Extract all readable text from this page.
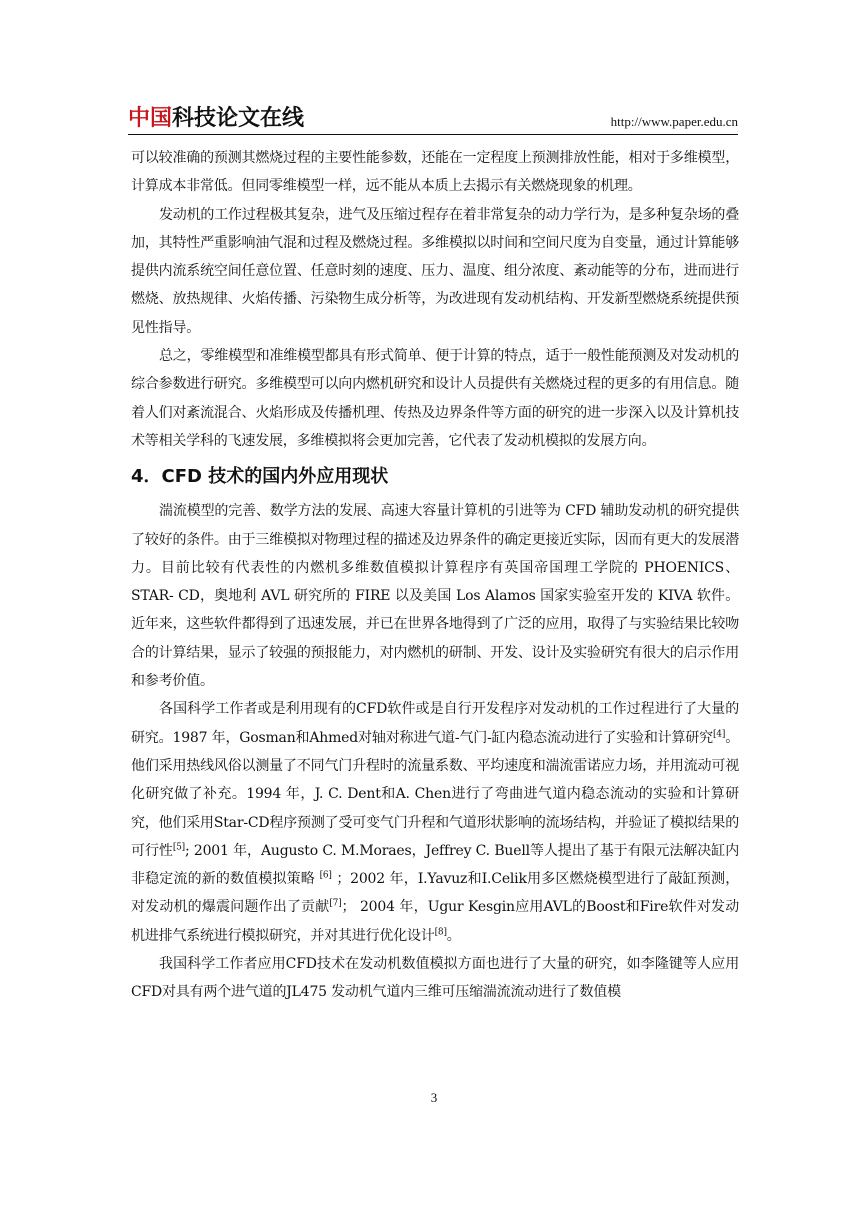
中国科技论文在线	http://www.paper.edu.cn

可以较准确的预测其燃烧过程的主要性能参数，还能在一定程度上预测排放性能，相对于多维模型，计算成本非常低。但同零维模型一样，远不能从本质上去揭示有关燃烧现象的机理。

发动机的工作过程极其复杂，进气及压缩过程存在着非常复杂的动力学行为，是多种复杂场的叠加，其特性严重影响油气混和过程及燃烧过程。多维模拟以时间和空间尺度为自变量，通过计算能够提供内流系统空间任意位置、任意时刻的速度、压力、温度、组分浓度、紊动能等的分布，进而进行燃烧、放热规律、火焰传播、污染物生成分析等，为改进现有发动机结构、开发新型燃烧系统提供预见性指导。

总之，零维模型和准维模型都具有形式简单、便于计算的特点，适于一般性能预测及对发动机的综合参数进行研究。多维模型可以向内燃机研究和设计人员提供有关燃烧过程的更多的有用信息。随着人们对紊流混合、火焰形成及传播机理、传热及边界条件等方面的研究的进一步深入以及计算机技术等相关学科的飞速发展，多维模拟将会更加完善，它代表了发动机模拟的发展方向。

4．CFD 技术的国内外应用现状

湍流模型的完善、数学方法的发展、高速大容量计算机的引进等为 CFD 辅助发动机的研究提供了较好的条件。由于三维模拟对物理过程的描述及边界条件的确定更接近实际，因而有更大的发展潜力。目前比较有代表性的内燃机多维数值模拟计算程序有英国帝国理工学院的 PHOENICS、STAR- CD，奥地利 AVL 研究所的 FIRE 以及美国 Los Alamos 国家实验室开发的 KIVA 软件。近年来，这些软件都得到了迅速发展，并已在世界各地得到了广泛的应用，取得了与实验结果比较吻合的计算结果，显示了较强的预报能力，对内燃机的研制、开发、设计及实验研究有很大的启示作用和参考价值。

各国科学工作者或是利用现有的CFD软件或是自行开发程序对发动机的工作过程进行了大量的研究。1987 年，Gosman和Ahmed对轴对称进气道-气门-缸内稳态流动进行了实验和计算研究[4]。他们采用热线风俗以测量了不同气门升程时的流量系数、平均速度和湍流雷诺应力场，并用流动可视化研究做了补充。1994 年，J. C. Dent和A. Chen进行了弯曲进气道内稳态流动的实验和计算研究，他们采用Star-CD程序预测了受可变气门升程和气道形状影响的流场结构，并验证了模拟结果的可行性[5]; 2001 年，Augusto C. M.Moraes，Jeffrey C. Buell等人提出了基于有限元法解决缸内非稳定流的新的数值模拟策略 [6] ；2002 年，I.Yavuz和I.Celik用多区燃烧模型进行了敲缸预测，对发动机的爆震问题作出了贡献[7]； 2004 年，Ugur Kesgin应用AVL的Boost和Fire软件对发动机进排气系统进行模拟研究，并对其进行优化设计[8]。

我国科学工作者应用CFD技术在发动机数值模拟方面也进行了大量的研究，如李隆键等人应用CFD对具有两个进气道的JL475 发动机气道内三维可压缩湍流流动进行了数值模

3
